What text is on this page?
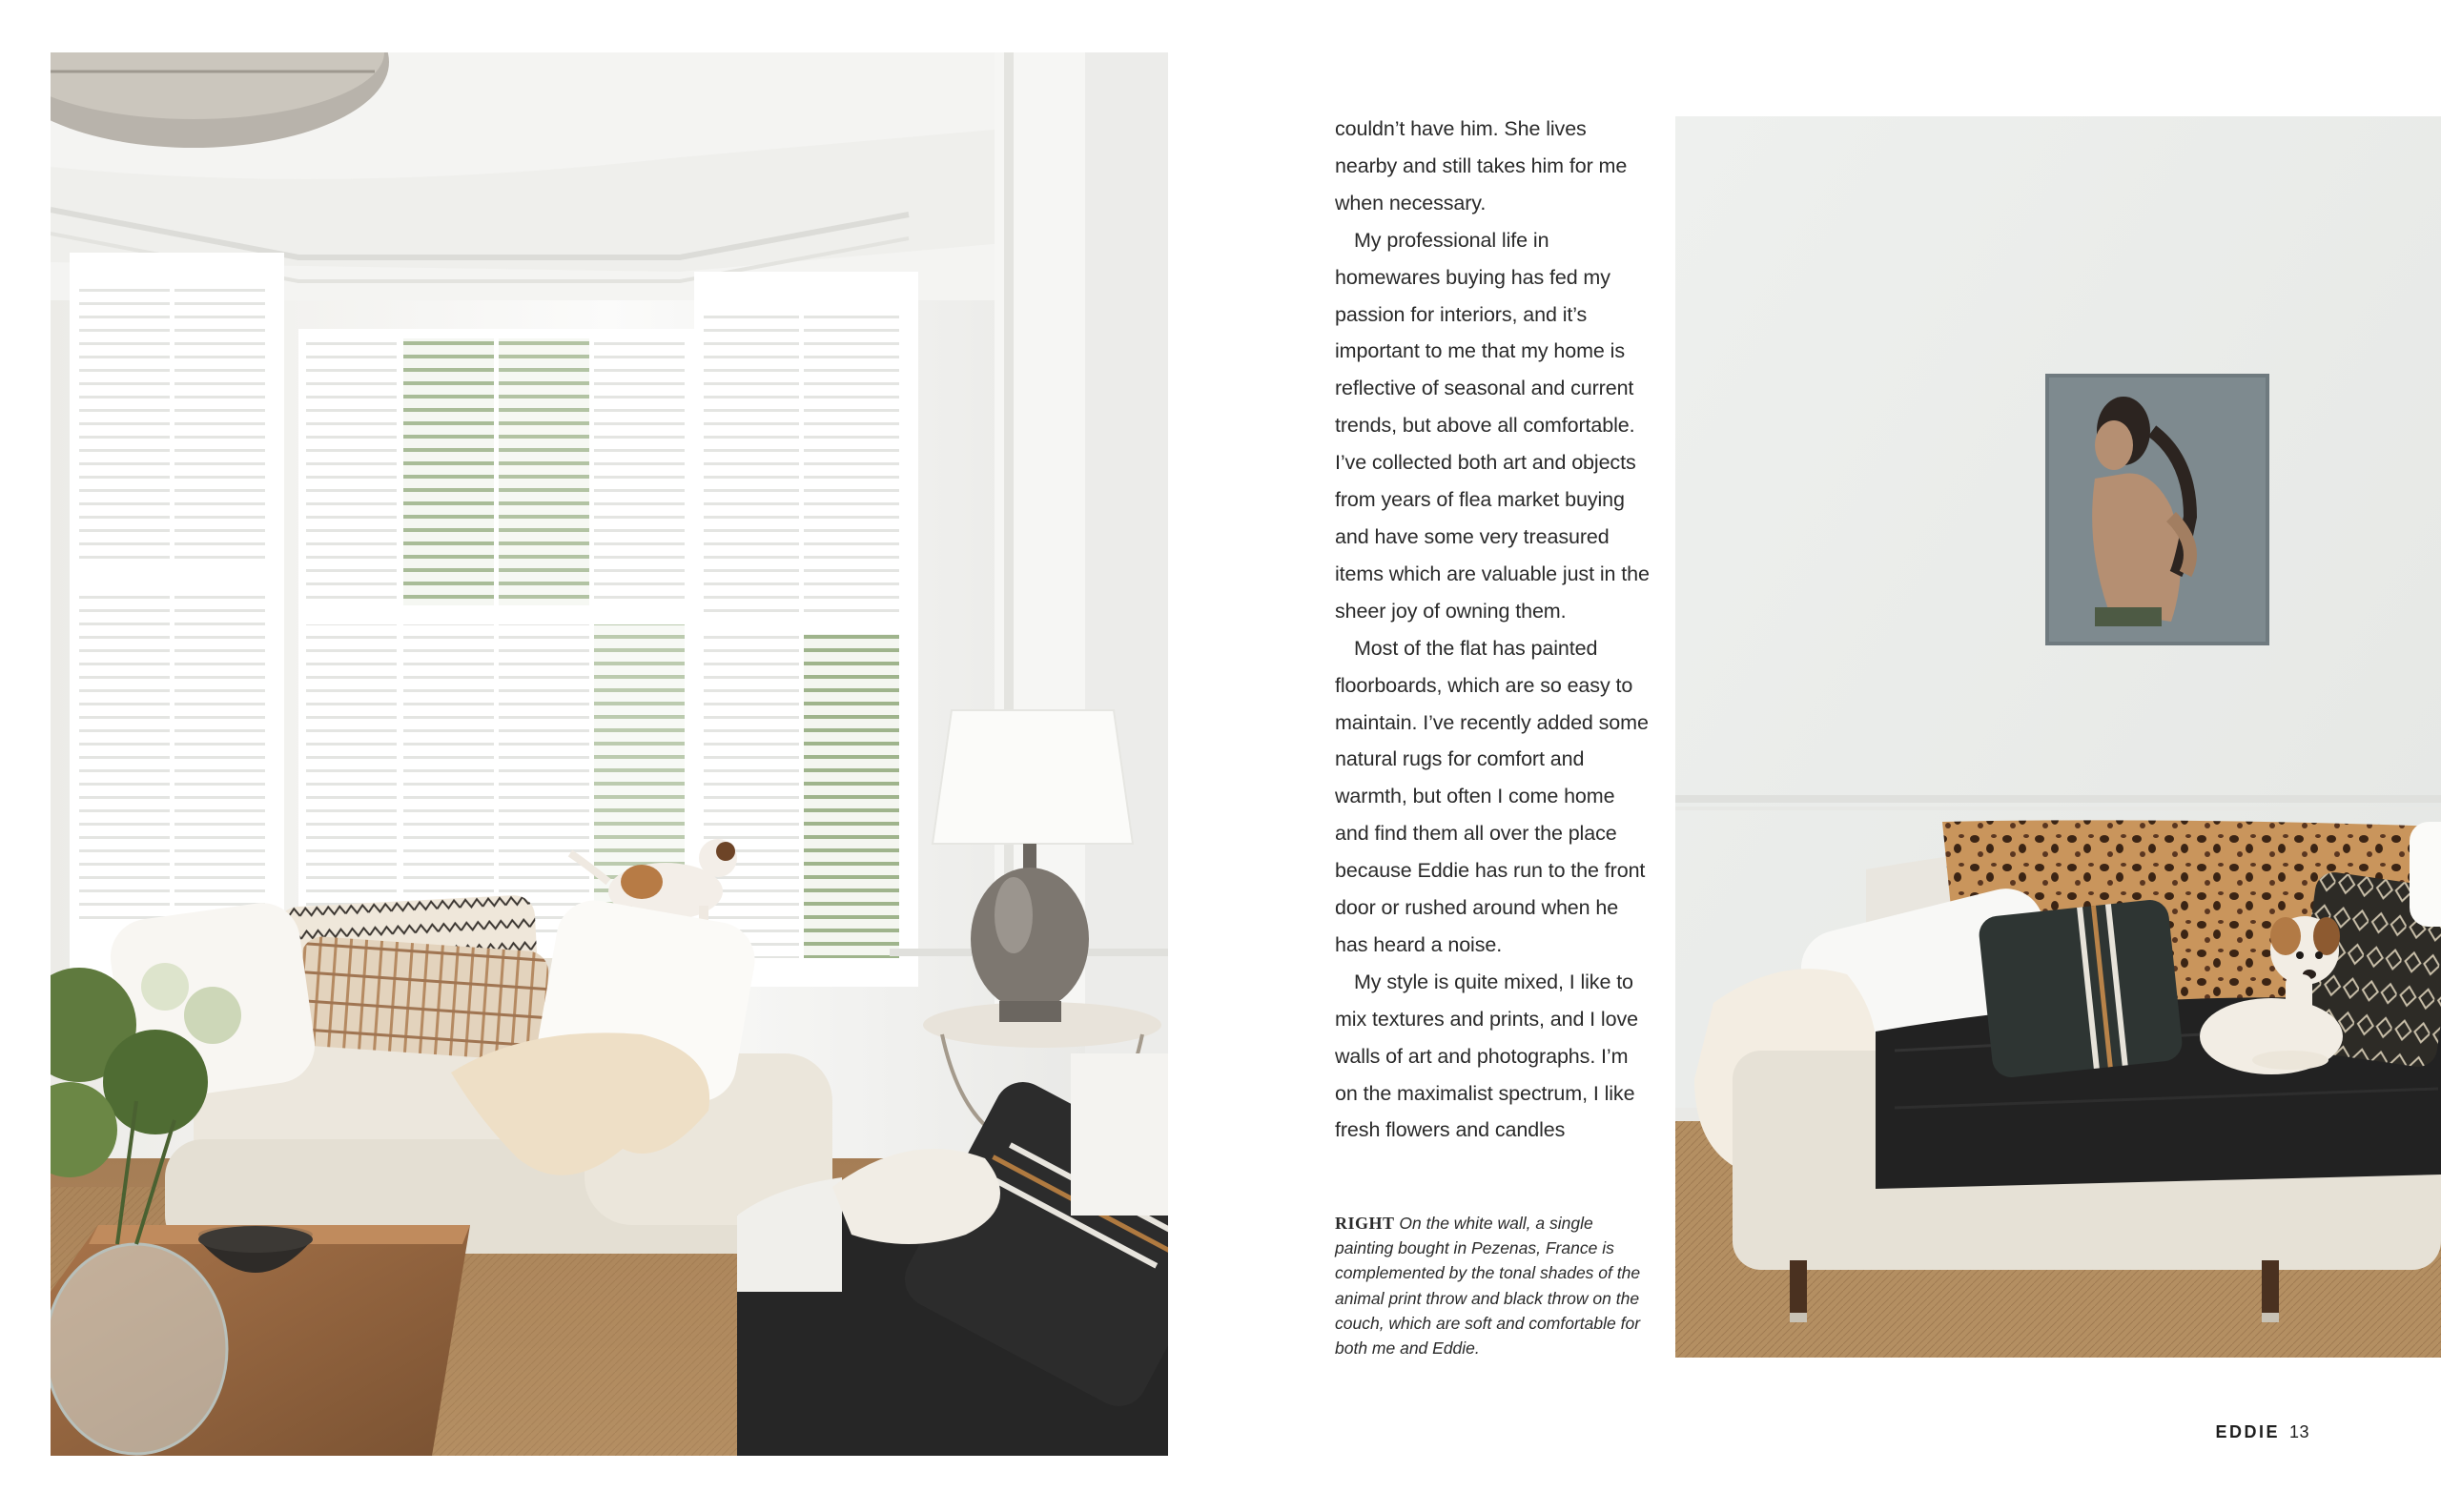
couldn’t have him. She lives nearby and still takes him for me when necessary.

My professional life in homewares buying has fed my passion for interiors, and it’s important to me that my home is reflective of seasonal and current trends, but above all comfortable. I’ve collected both art and objects from years of flea market buying and have some very treasured items which are valuable just in the sheer joy of owning them.

Most of the flat has painted floorboards, which are so easy to maintain. I’ve recently added some natural rugs for comfort and warmth, but often I come home and find them all over the place because Eddie has run to the front door or rushed around when he has heard a noise.

My style is quite mixed, I like to mix textures and prints, and I love walls of art and photographs. I’m on the maximalist spectrum, I like fresh flowers and candles

RIGHT On the white wall, a single painting bought in Pezenas, France is complemented by the tonal shades of the animal print throw and black throw on the couch, which are soft and comfortable for both me and Eddie.
EDDIE 13
